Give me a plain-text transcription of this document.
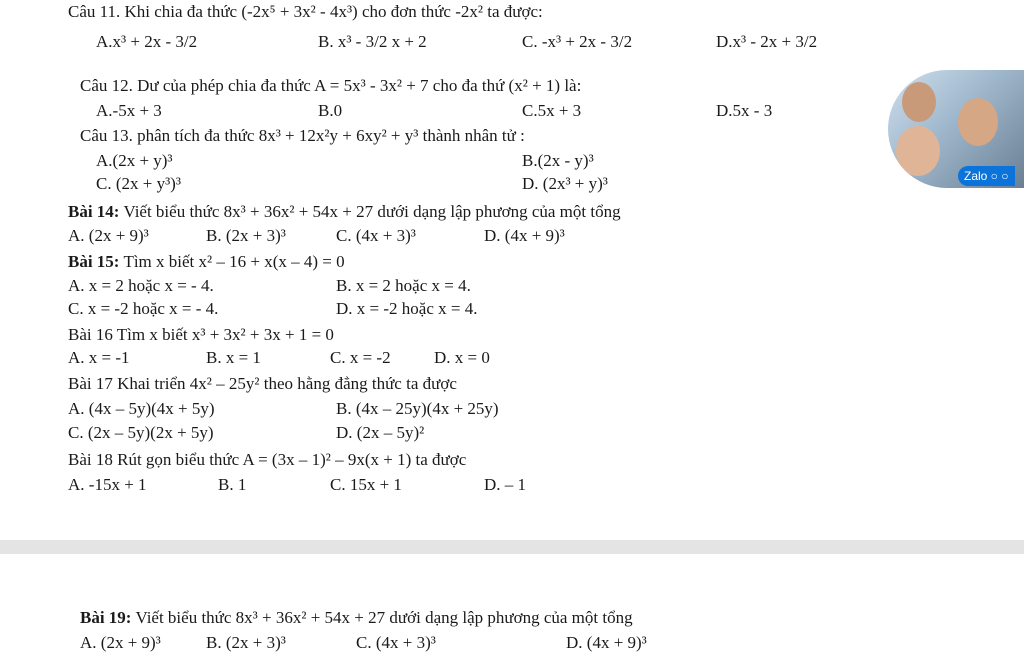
Câu 11. Khi chia đa thức (-2x⁵ + 3x² - 4x³) cho đơn thức -2x² ta được:
A.x³ + 2x - 3/2	B. x³ - 3/2 x + 2	C. -x³ + 2x - 3/2	D.x³ - 2x + 3/2
Câu 12. Dư của phép chia đa thức A = 5x³ - 3x² + 7 cho đa thứ (x² + 1) là:
A.-5x + 3	B.0	C.5x + 3	D.5x - 3
Câu 13. phân tích đa thức 8x³ + 12x²y + 6xy² + y³ thành nhân tử :
A.(2x + y)³	B.(2x - y)³
C. (2x + y³)³	D. (2x³ + y)³
Bài 14: Viết biểu thức 8x³ + 36x² + 54x + 27 dưới dạng lập phương của một tổng
A. (2x + 9)³	B. (2x + 3)³	C. (4x + 3)³	D. (4x + 9)³
Bài 15: Tìm x biết x² – 16 + x(x – 4) = 0
A. x = 2 hoặc x = - 4.	B. x = 2 hoặc x = 4.
C. x = -2 hoặc x = - 4.	D. x = -2 hoặc x = 4.
Bài 16 Tìm x biết x³ + 3x² + 3x + 1 = 0
A. x = -1	B. x = 1	C. x = -2	D. x = 0
Bài 17 Khai triển 4x² – 25y² theo hằng đẳng thức ta được
A. (4x – 5y)(4x + 5y)	B. (4x – 25y)(4x + 25y)
C. (2x – 5y)(2x + 5y)	D. (2x – 5y)²
Bài 18 Rút gọn biểu thức A = (3x – 1)² – 9x(x + 1) ta được
A. -15x + 1	B. 1	C. 15x + 1	D. – 1
Bài 19: Viết biểu thức 8x³ + 36x² + 54x + 27 dưới dạng lập phương của một tổng
A. (2x + 9)³	B. (2x + 3)³	C. (4x + 3)³	D. (4x + 9)³
Zalo ○ ○
